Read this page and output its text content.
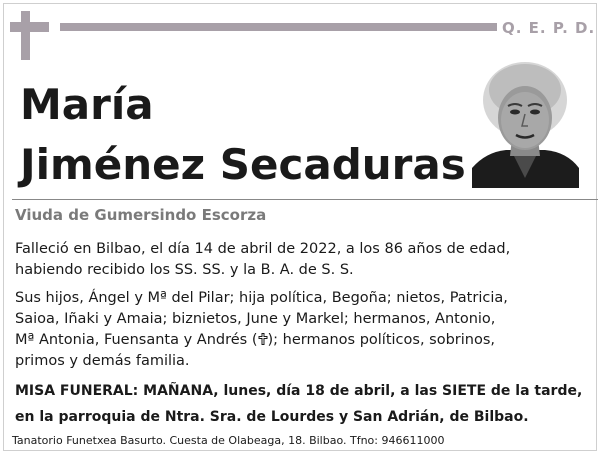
Q. E. P. D.
María
Jiménez Secaduras
Viuda de Gumersindo Escorza
Falleció en Bilbao, el día 14 de abril de 2022, a los 86 años de edad,
habiendo recibido los SS. SS. y la B. A. de S. S.
Sus hijos, Ángel y Mª del Pilar; hija política, Begoña; nietos, Patricia,
Saioa, Iñaki y Amaia; biznietos, June y Markel; hermanos, Antonio,
Mª Antonia, Fuensanta y Andrés ( ); hermanos políticos, sobrinos,
primos y demás familia.
MISA FUNERAL: MAÑANA, lunes, día 18 de abril, a las SIETE de la tarde,
en la parroquia de Ntra. Sra. de Lourdes y San Adrián, de Bilbao.
Tanatorio Funetxea Basurto. Cuesta de Olabeaga, 18. Bilbao. Tfno: 946611000
